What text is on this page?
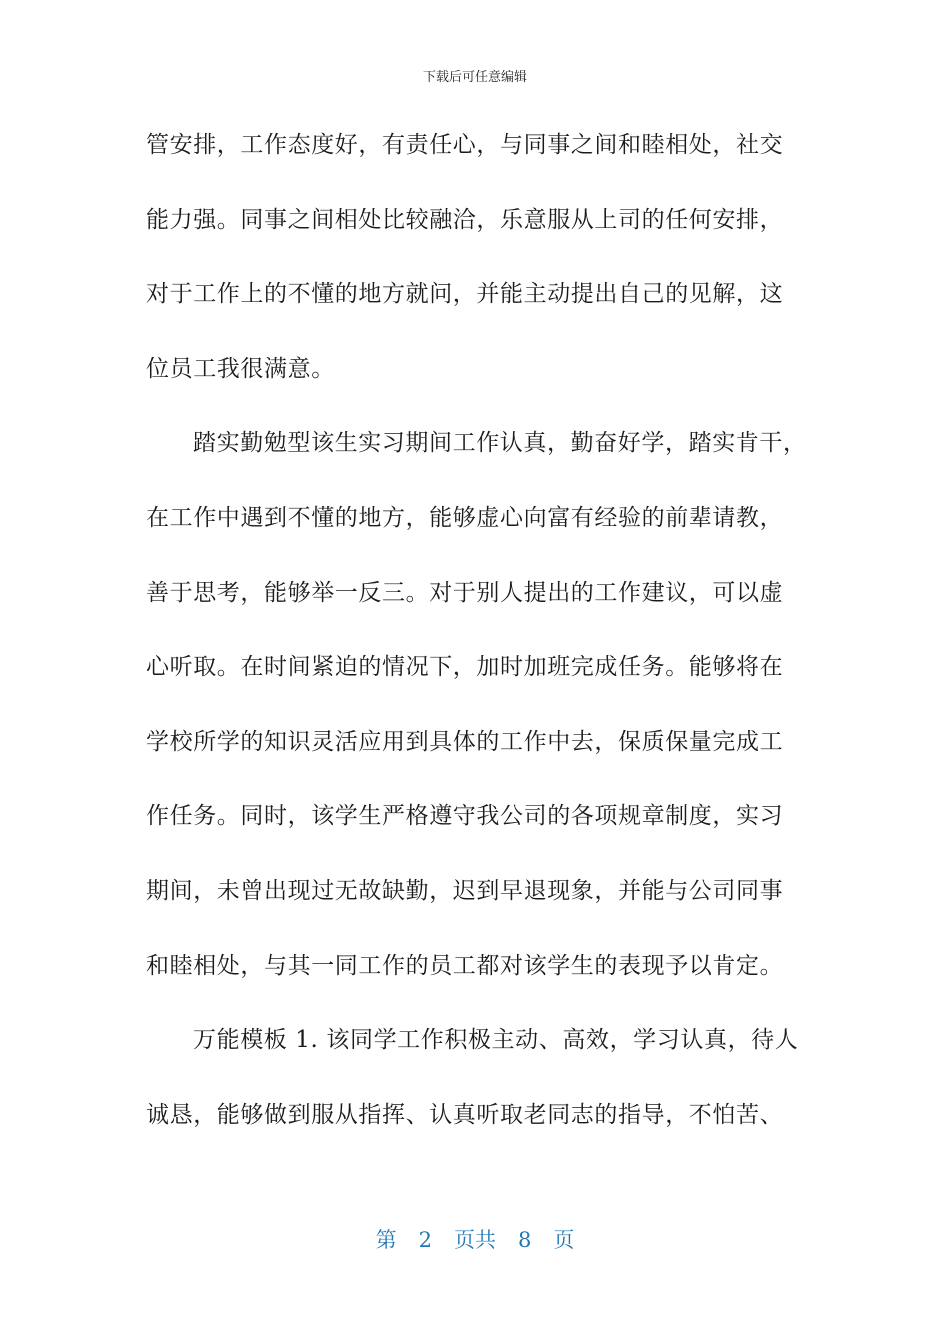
下载后可任意编辑
管安排，工作态度好，有责任心，与同事之间和睦相处，社交
能力强。同事之间相处比较融洽，乐意服从上司的任何安排，
对于工作上的不懂的地方就问，并能主动提出自己的见解，这
位员工我很满意。
踏实勤勉型该生实习期间工作认真，勤奋好学，踏实肯干，
在工作中遇到不懂的地方，能够虚心向富有经验的前辈请教，
善于思考，能够举一反三。对于别人提出的工作建议，可以虚
心听取。在时间紧迫的情况下，加时加班完成任务。能够将在
学校所学的知识灵活应用到具体的工作中去，保质保量完成工
作任务。同时，该学生严格遵守我公司的各项规章制度，实习
期间，未曾出现过无故缺勤，迟到早退现象，并能与公司同事
和睦相处，与其一同工作的员工都对该学生的表现予以肯定。
万能模板 1. 该同学工作积极主动、高效，学习认真，待人
诚恳，能够做到服从指挥、认真听取老同志的指导，不怕苦、
第 2 页共 8 页
